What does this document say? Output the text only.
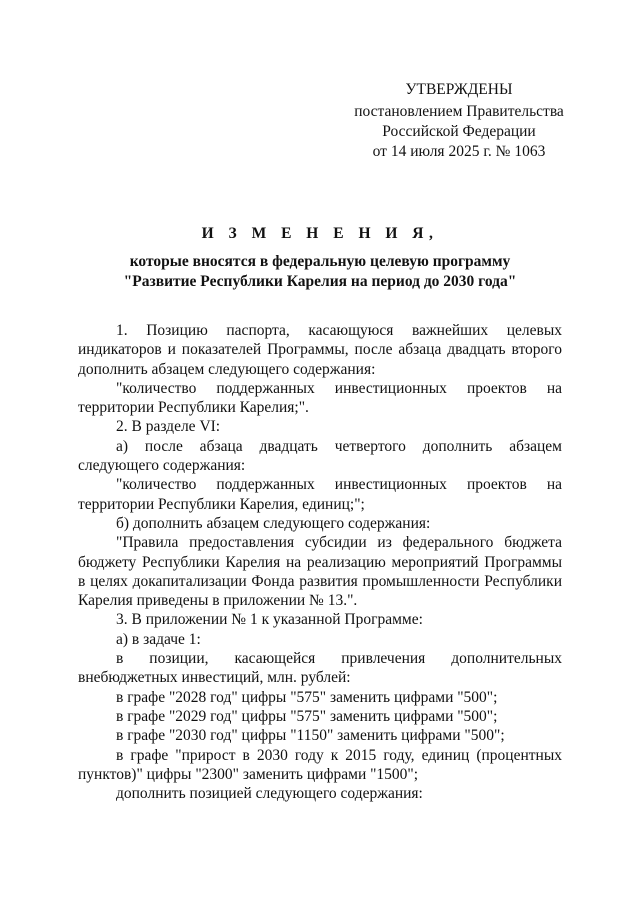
УТВЕРЖДЕНЫ
постановлением Правительства
Российской Федерации
от 14 июля 2025 г. № 1063
И З М Е Н Е Н И Я,
которые вносятся в федеральную целевую программу
"Развитие Республики Карелия на период до 2030 года"

1. Позицию паспорта, касающуюся важнейших целевых индикаторов и показателей Программы, после абзаца двадцать второго дополнить абзацем следующего содержания:

"количество поддержанных инвестиционных проектов на территории Республики Карелия;".

2. В разделе VI:

а) после абзаца двадцать четвертого дополнить абзацем следующего содержания:

"количество поддержанных инвестиционных проектов на территории Республики Карелия, единиц;";

б) дополнить абзацем следующего содержания:

"Правила предоставления субсидии из федерального бюджета бюджету Республики Карелия на реализацию мероприятий Программы в целях докапитализации Фонда развития промышленности Республики Карелия приведены в приложении № 13.".

3. В приложении № 1 к указанной Программе:

а) в задаче 1:

в позиции, касающейся привлечения дополнительных внебюджетных инвестиций, млн. рублей:

в графе "2028 год" цифры "575" заменить цифрами "500";

в графе "2029 год" цифры "575" заменить цифрами "500";

в графе "2030 год" цифры "1150" заменить цифрами "500";

в графе "прирост в 2030 году к 2015 году, единиц (процентных пунктов)" цифры "2300" заменить цифрами "1500";

дополнить позицией следующего содержания:
